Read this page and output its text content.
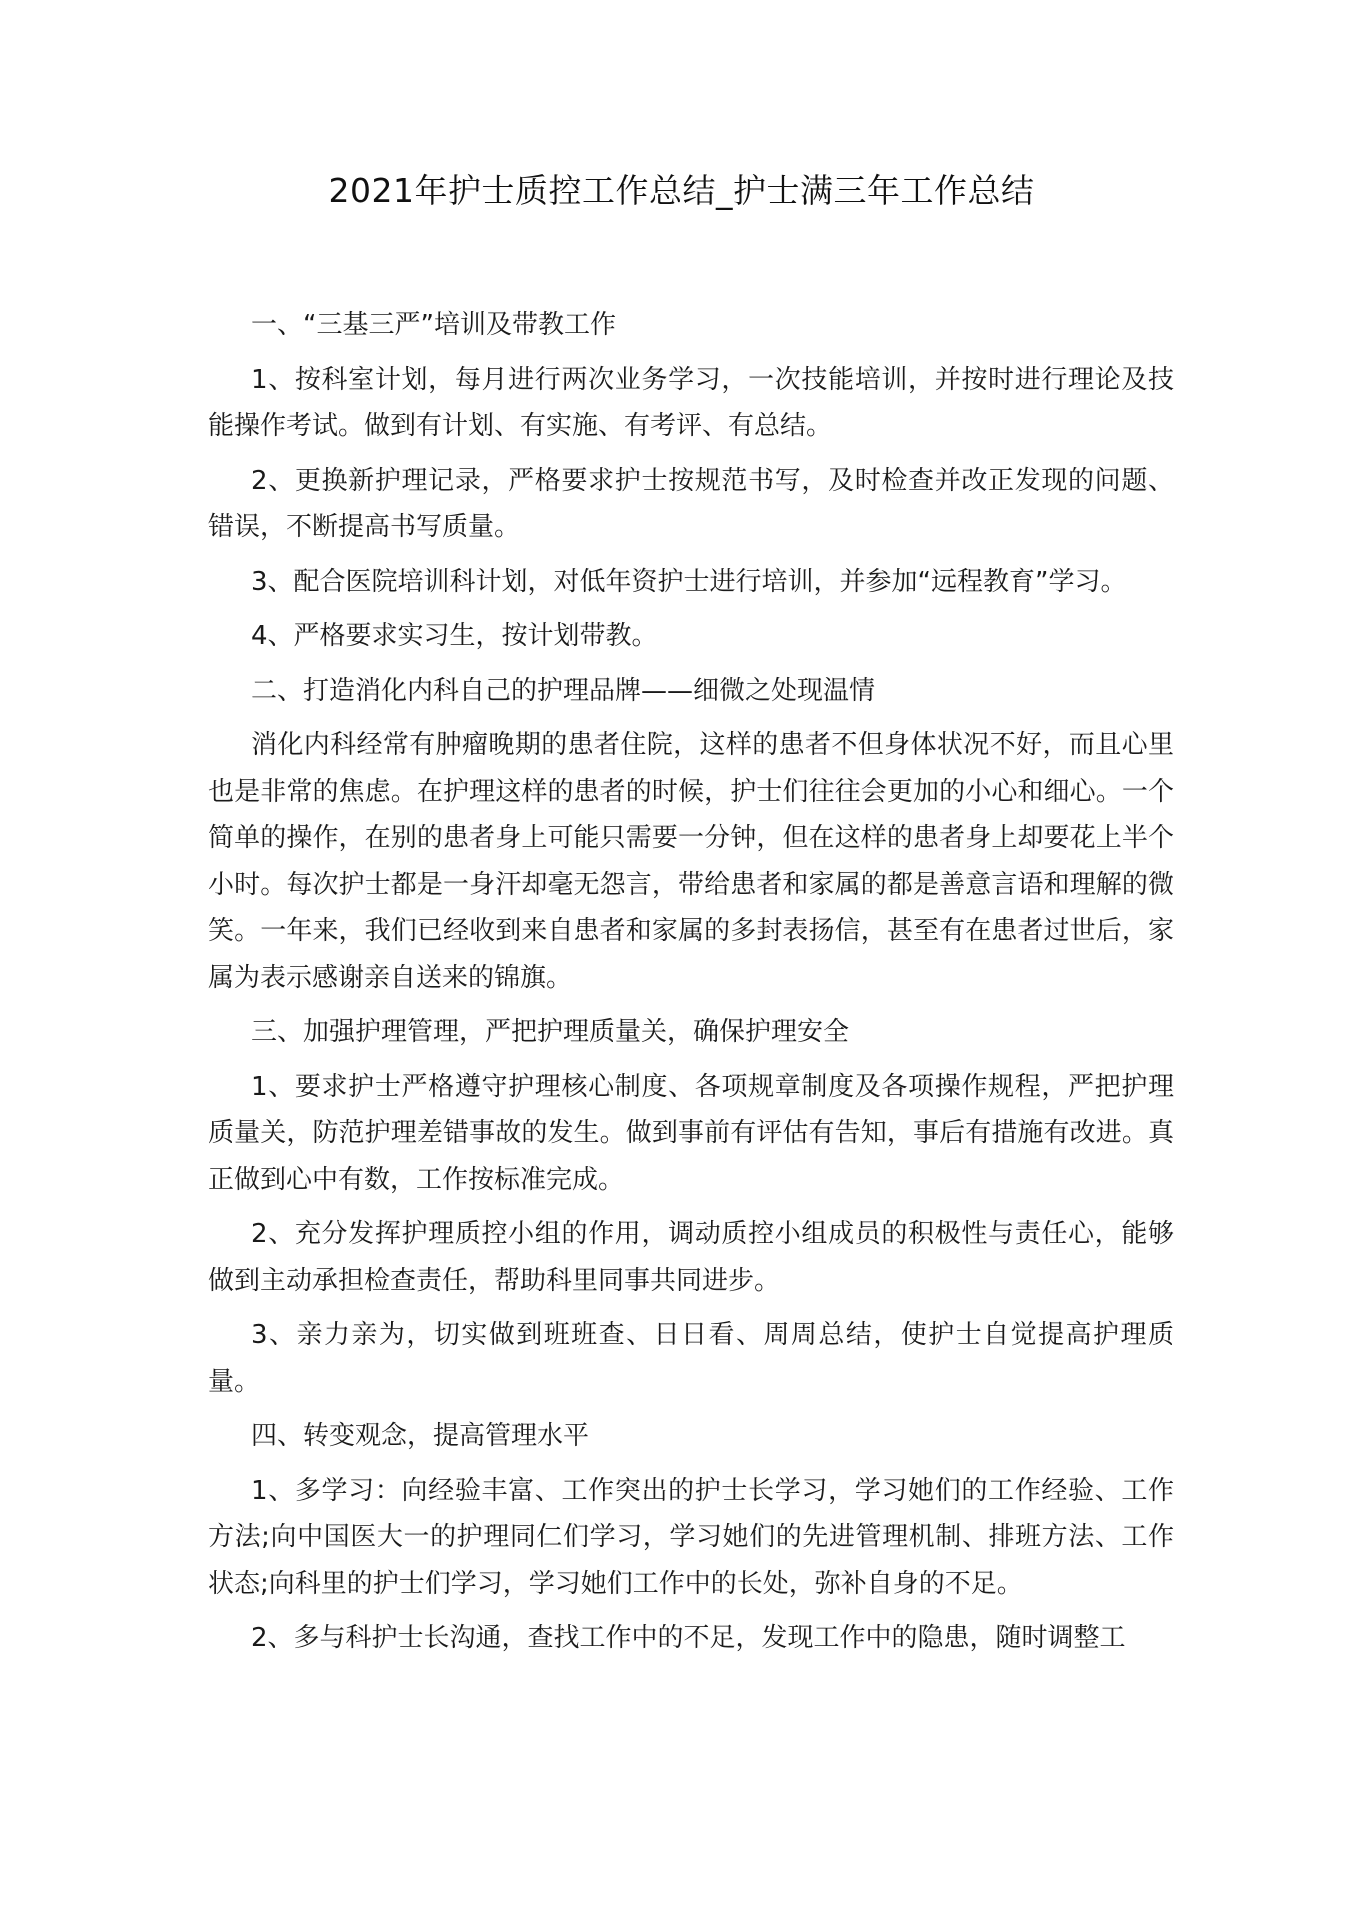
2021年护士质控工作总结_护士满三年工作总结

一、“三基三严”培训及带教工作

1、按科室计划，每月进行两次业务学习，一次技能培训，并按时进行理论及技能操作考试。做到有计划、有实施、有考评、有总结。

2、更换新护理记录，严格要求护士按规范书写，及时检查并改正发现的问题、错误，不断提高书写质量。

3、配合医院培训科计划，对低年资护士进行培训，并参加“远程教育”学习。

4、严格要求实习生，按计划带教。

二、打造消化内科自己的护理品牌——细微之处现温情

消化内科经常有肿瘤晚期的患者住院，这样的患者不但身体状况不好，而且心里也是非常的焦虑。在护理这样的患者的时候，护士们往往会更加的小心和细心。一个简单的操作，在别的患者身上可能只需要一分钟，但在这样的患者身上却要花上半个小时。每次护士都是一身汗却毫无怨言，带给患者和家属的都是善意言语和理解的微笑。一年来，我们已经收到来自患者和家属的多封表扬信，甚至有在患者过世后，家属为表示感谢亲自送来的锦旗。

三、加强护理管理，严把护理质量关，确保护理安全

1、要求护士严格遵守护理核心制度、各项规章制度及各项操作规程，严把护理质量关，防范护理差错事故的发生。做到事前有评估有告知，事后有措施有改进。真正做到心中有数，工作按标准完成。

2、充分发挥护理质控小组的作用，调动质控小组成员的积极性与责任心，能够做到主动承担检查责任，帮助科里同事共同进步。

3、亲力亲为，切实做到班班查、日日看、周周总结，使护士自觉提高护理质量。

四、转变观念，提高管理水平

1、多学习：向经验丰富、工作突出的护士长学习，学习她们的工作经验、工作方法;向中国医大一的护理同仁们学习，学习她们的先进管理机制、排班方法、工作状态;向科里的护士们学习，学习她们工作中的长处，弥补自身的不足。

2、多与科护士长沟通，查找工作中的不足，发现工作中的隐患，随时调整工
